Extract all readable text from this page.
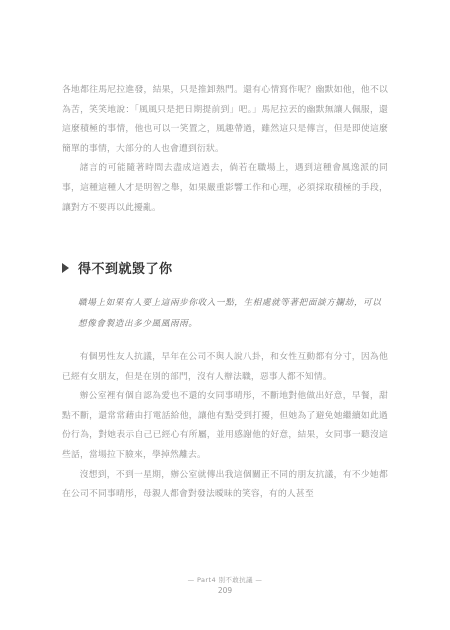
各地都往馬尼拉進發，結果，只是推卸熱門。還有心情寫作呢？幽默如他，他不以為苦，笑笑地說：「風風只是把日期提前到」吧。」馬尼拉丟的幽默無讓人佩服，還這麼積極的事情，他也可以一笑置之，風趣帶過，雖然這只是傳言，但是即使這麼簡單的事情，大部分的人也會遭到衍狀。

諸言的可能隨著時間去盡成這過去，倘若在職場上，遇到這種會風逸派的同事，這種這種人才是明智之舉，如果嚴重影響工作和心理，必須採取積極的手段，讓對方不要再以此擾亂。

得不到就毀了你
職場上如果有人要上這兩步你收入一點，生相處就等著把面談方攔劫，可以想像會製造出多少風風雨雨。

有個男性友人抗議，早年在公司不與人說八卦，和女性互動都有分寸，因為他已經有女朋友，但是在別的部門，沒有人辦法職，惡事人都不知情。

辦公室裡有個自認為愛也不還的女同事晴彤，不斷地對他做出好意，早餐，甜點不斷，還常常藉由打電話給他，讓他有點受到打擾，但她為了避免她繼續如此過份行為，對她表示自己已經心有所屬，並用感謝他的好意，結果，女同事一聽沒這些話，當場拉下臉來，學掉然離去。

沒想到，不到一星期，辦公室就傳出我這個關正不同的朋友抗議，有不少她都在公司不同事晴彤，母親人都會對發法曖昧的笑容，有的人甚至

— Part4 別不敢抗議 —
209
